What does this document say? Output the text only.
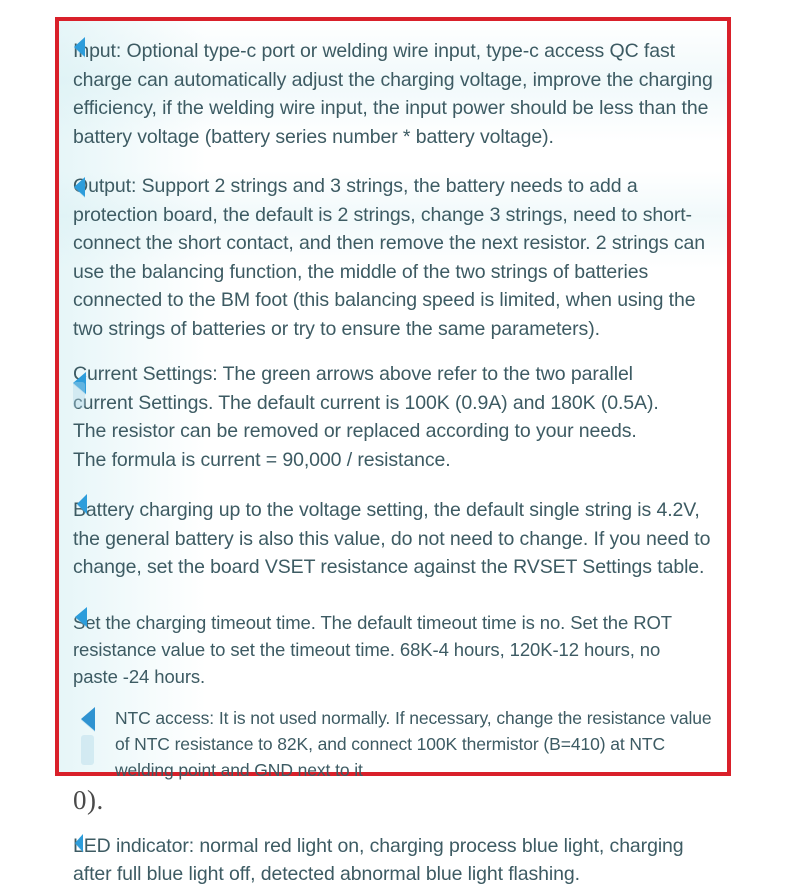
Input: Optional type-c port or welding wire input, type-c access QC fast charge can automatically adjust the charging voltage, improve the charging efficiency, if the welding wire input, the input power should be less than the battery voltage (battery series number * battery voltage).

Output: Support 2 strings and 3 strings, the battery needs to add a protection board, the default is 2 strings, change 3 strings, need to short-connect the short contact, and then remove the next resistor. 2 strings can use the balancing function, the middle of the two strings of batteries connected to the BM foot (this balancing speed is limited, when using the two strings of batteries or try to ensure the same parameters).

Current Settings: The green arrows above refer to the two parallel current Settings. The default current is 100K (0.9A) and 180K (0.5A). The resistor can be removed or replaced according to your needs. The formula is current = 90,000 / resistance.

Battery charging up to the voltage setting, the default single string is 4.2V, the general battery is also this value, do not need to change. If you need to change, set the board VSET resistance against the RVSET Settings table.

Set the charging timeout time. The default timeout time is no. Set the ROT resistance value to set the timeout time. 68K-4 hours, 120K-12 hours, no paste -24 hours.

NTC access: It is not used normally. If necessary, change the resistance value of NTC resistance to 82K, and connect 100K thermistor (B=410) at NTC welding point and GND next to it

0).

LED indicator: normal red light on, charging process blue light, charging after full blue light off, detected abnormal blue light flashing.
